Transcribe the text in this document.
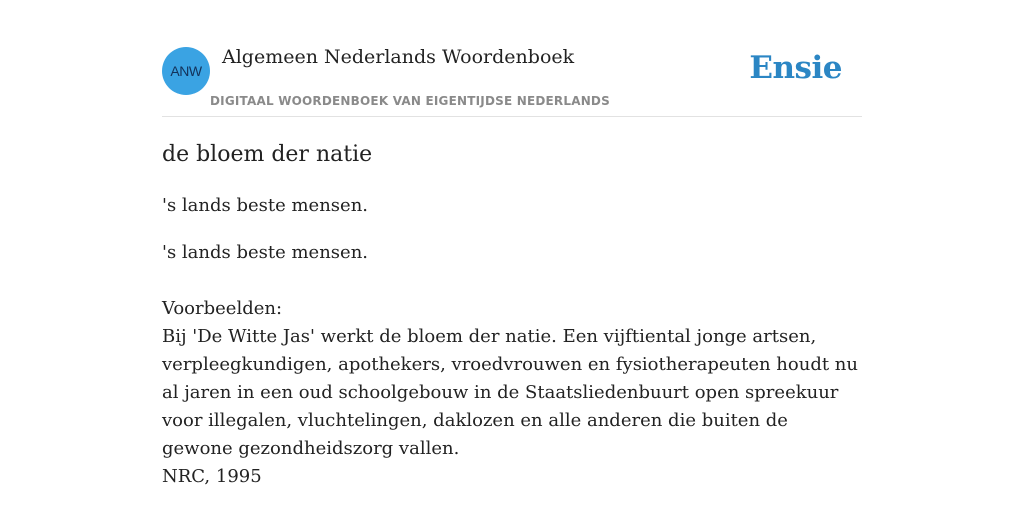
ANW
Algemeen Nederlands Woordenboek
DIGITAAL WOORDENBOEK VAN EIGENTIJDSE NEDERLANDS
Ensie
de bloem der natie

's lands beste mensen.

's lands beste mensen.

Voorbeelden:
Bij 'De Witte Jas' werkt de bloem der natie. Een vijftiental jonge artsen, verpleegkundigen, apothekers, vroedvrouwen en fysiotherapeuten houdt nu al jaren in een oud schoolgebouw in de Staatsliedenbuurt open spreekuur voor illegalen, vluchtelingen, daklozen en alle anderen die buiten de gewone gezondheidszorg vallen.
NRC, 1995
